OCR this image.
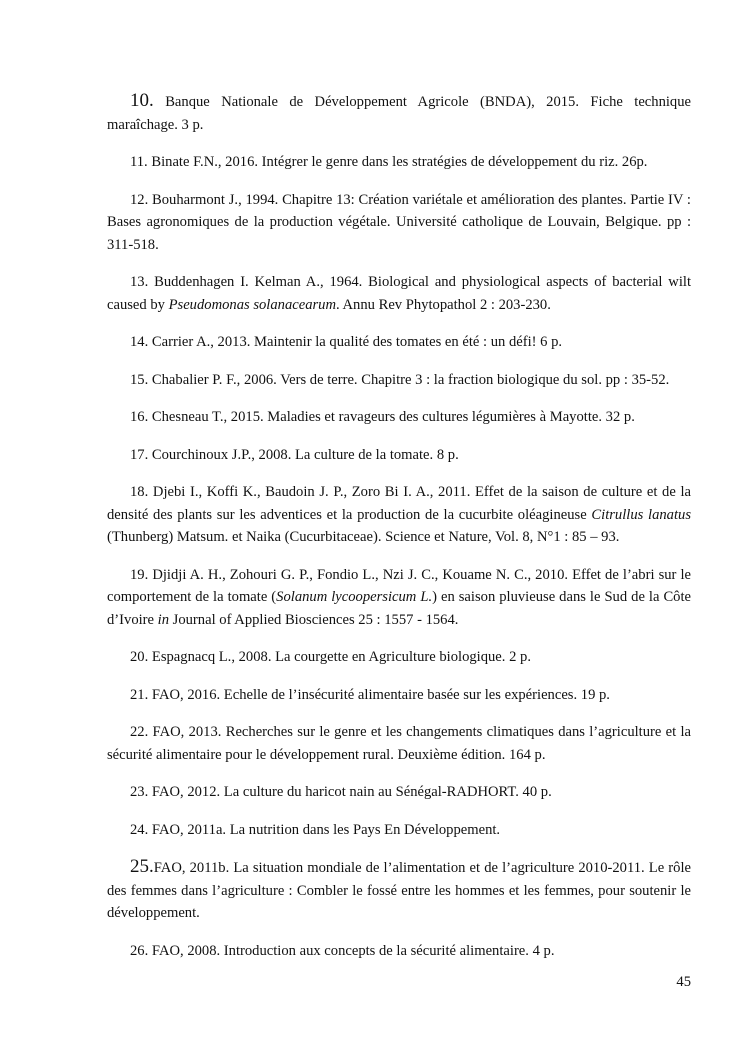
10. Banque Nationale de Développement Agricole (BNDA), 2015. Fiche technique maraîchage. 3 p.

11. Binate F.N., 2016. Intégrer le genre dans les stratégies de développement du riz. 26p.

12. Bouharmont J., 1994. Chapitre 13: Création variétale et amélioration des plantes. Partie IV : Bases agronomiques de la production végétale. Université catholique de Louvain, Belgique. pp : 311-518.

13. Buddenhagen I. Kelman A., 1964. Biological and physiological aspects of bacterial wilt caused by Pseudomonas solanacearum. Annu Rev Phytopathol 2 : 203-230.

14. Carrier A., 2013. Maintenir la qualité des tomates en été : un défi! 6 p.

15. Chabalier P. F., 2006. Vers de terre. Chapitre 3 : la fraction biologique du sol. pp : 35-52.

16. Chesneau T., 2015. Maladies et ravageurs des cultures légumières à Mayotte. 32 p.

17. Courchinoux J.P., 2008. La culture de la tomate. 8 p.

18. Djebi I., Koffi K., Baudoin J. P., Zoro Bi I. A., 2011. Effet de la saison de culture et de la densité des plants sur les adventices et la production de la cucurbite oléagineuse Citrullus lanatus (Thunberg) Matsum. et Naika (Cucurbitaceae). Science et Nature, Vol. 8, N°1 : 85 – 93.

19. Djidji A. H., Zohouri G. P., Fondio L., Nzi J. C., Kouame N. C., 2010. Effet de l’abri sur le comportement de la tomate (Solanum lycoopersicum L.) en saison pluvieuse dans le Sud de la Côte d’Ivoire in Journal of Applied Biosciences 25 : 1557 - 1564.

20. Espagnacq L., 2008. La courgette en Agriculture biologique. 2 p.

21. FAO, 2016. Echelle de l’insécurité alimentaire basée sur les expériences. 19 p.

22. FAO, 2013. Recherches sur le genre et les changements climatiques dans l’agriculture et la sécurité alimentaire pour le développement rural. Deuxième édition. 164 p.

23. FAO, 2012. La culture du haricot nain au Sénégal-RADHORT. 40 p.

24. FAO, 2011a. La nutrition dans les Pays En Développement.

25.FAO, 2011b. La situation mondiale de l’alimentation et de l’agriculture 2010-2011. Le rôle des femmes dans l’agriculture : Combler le fossé entre les hommes et les femmes, pour soutenir le développement.

26. FAO, 2008. Introduction aux concepts de la sécurité alimentaire. 4 p.

45
